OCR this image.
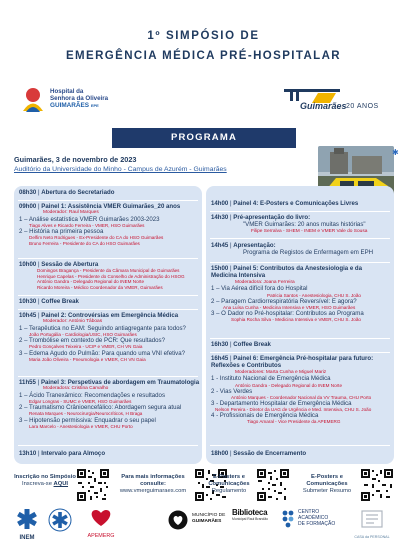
1º SIMPÓSIO DE
EMERGÊNCIA MÉDICA PRÉ-HOSPITALAR
Hospital da
Senhora da Oliveira
GUIMARÃES EPE	Guimarães 20 ANOS
PROGRAMA
Guimarães, 3 de novembro de 2023
Auditório da Universidade do Minho - Campus de Azurém - Guimarães
✱
08h30 | Abertura do Secretariado
09h00 | Painel 1: Assistência VMER Guimarães_20 anos
Moderador: Raul Marques
1 – Análise estatística VMER Guimarães 2003-2023
Tiago Alves e Ricardo Ferreira - VMER, HSO Guimarães
2 – História na primeira pessoa
Delfim Neto Rodrigues - Ex-Presidente do CA do HSO Guimarães
Bruno Ferreira - Presidente do CA do HSO Guimarães
10h00 | Sessão de Abertura
Domingos Bragança - Presidente da Câmara Municipal de Guimarães
Henrique Capelas - Presidente do Conselho de Administração do HSOG
António Gandra - Delegado Regional do INEM Norte
Ricardo Moreira - Médico Coordenador da VMER, Guimarães
10h30 | Coffee Break
10h45 | Painel 2: Controvérsias em Emergência Médica
Moderador: António Tâboas
1 – Terapêutica no EAM: Seguindo antiagregante para todos?
João Portugália - Cardiologia/USIC, HSO Guimarães
2 – Trombólise em contexto de PCR: Que resultados?
Pedro Gonçalves Teixeira - UCIP e VMER, CH VN Gaia
3 – Edema Agudo do Pulmão: Para quando uma VNI efetiva?
Maria João Oliveira - Pneumologia e VMER, CH VN Gaia
11h55 | Painel 3: Perspetivas de abordagem em Traumatologia
Moderadora: Cristina Carvalho
1 – Ácido Tranexâmico: Recomendações e resultados
Edgar Longras - SUMC e VMER, HSO Guimarães
2 – Traumatismo Crânioencefálico: Abordagem segura atual
Renata Marques - Neurocirurgia/Neurocríticos, H Braga
3 – Hipotensão permissiva: Enquadrar o seu papel
Lara Marcelo - Anestesiologia e VMER, CHU Porto
13h10 | Intervalo para Almoço
14h00 | Painel 4: E-Posters e Comunicações Livres
14h30 | Pré-apresentação do livro:
"VMER Guimarães: 20 anos muitas histórias"
Filipe Serralva - SHEM - INEM e VMER Vale do Sousa
14h45 | Apresentação:
Programa de Registos de Enfermagem em EPH
15h00 | Painel 5: Contributos da Anestesiologia e da Medicina Intensiva
Moderadora: Joana Ferreira
1 – Via Aérea difícil fora do Hospital
Patricia Santos - Anestesiologia, CHU S. João
2 – Paragem Cardiorrespiratória Reversível: E agora?
Ana Luísa Cunha - Medicina Intensiva e VMER, HSO Guimarães
3 – O Dador no Pré-hospitalar: Contributos ao Programa
Sophia Rocha Silva - Medicina Intensiva e VMER, CHU S. João
16h30 | Coffee Break
16h45 | Painel 6: Emergência Pré-hospitalar para futuro: Reflexões e Contributos
Moderadores: Marta Cunha e Miguel Mariz
1 - Instituto Nacional de Emergência Médica
António Gandra - Delegado Regional do INEM Norte
2 - Vias Verdes
António Marques - Coordenador Nacional da VV Trauma, CHU Porto
3 - Departamento Hospitalar de Emergência Médica
Nelson Pereira - Diretor da UAG de Urgência e Med. Intensiva, CHU S. João
4 - Profissionais de Emergência Médica
Tiago Amaral - Vice Presidente da APEMERG
18h00 | Sessão de Encerramento
Inscrição no Simpósio
Inscreva-se AQUI
Para mais informações consulte:
www.vmerguimaraes.com
E-Posters e Comunicações
Regulamento
E-Posters e Comunicações
Submeter Resumo
INEM	APEMERG
MUNICÍPIO DE
GUIMARÃES
Biblioteca
Municipal Raul Brandão
CENTRO
ACADÉMICO
DE FORMAÇÃO
CASA da PERSONAL
